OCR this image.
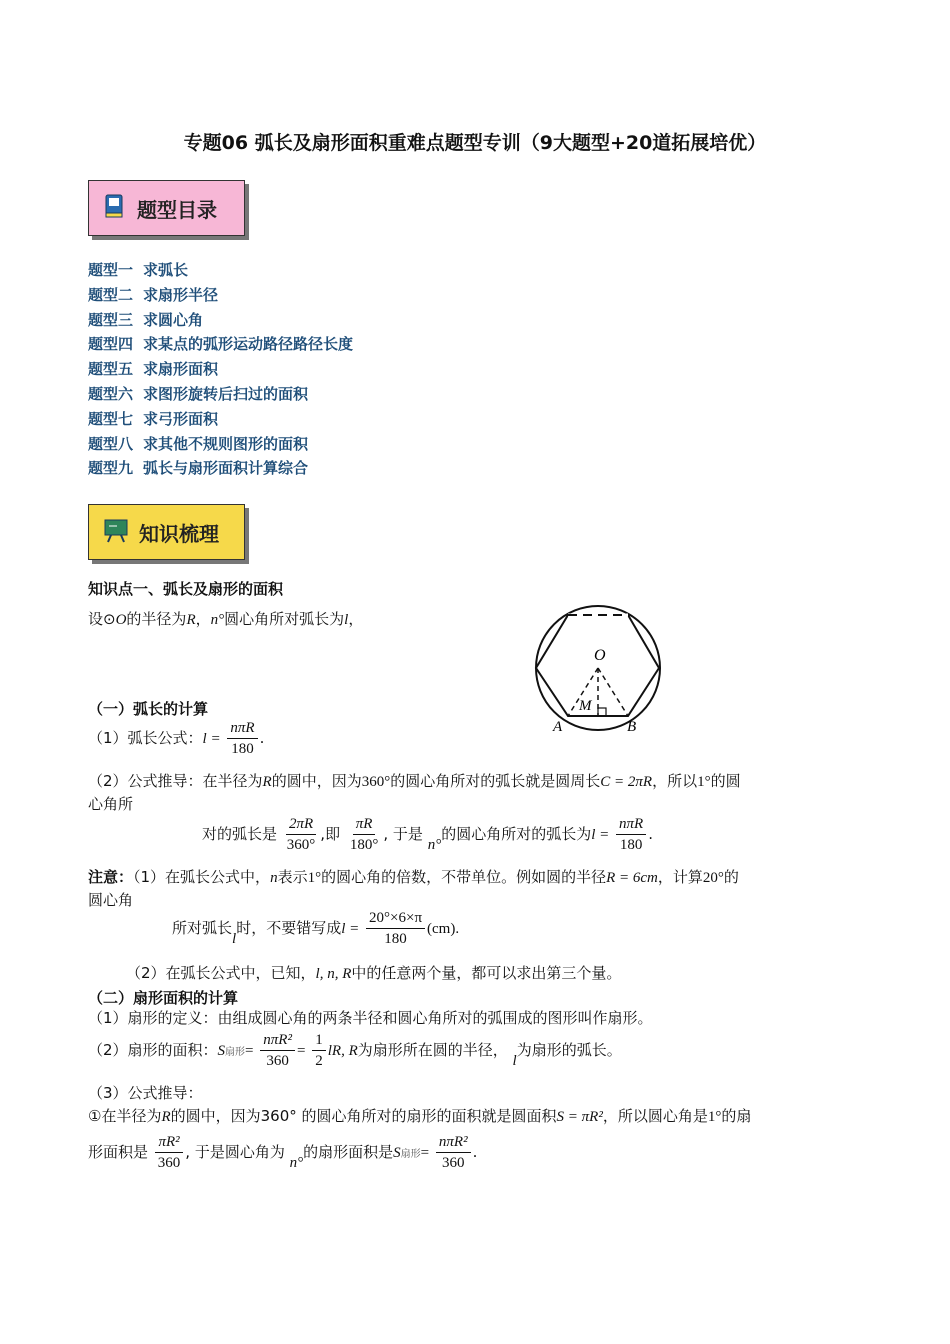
专题06 弧长及扇形面积重难点题型专训（9大题型+20道拓展培优）
题型目录
题型一 求弧长
题型二 求扇形半径
题型三 求圆心角
题型四 求某点的弧形运动路径路径长度
题型五 求扇形面积
题型六 求图形旋转后扫过的面积
题型七 求弓形面积
题型八 求其他不规则图形的面积
题型九 弧长与扇形面积计算综合
知识梳理
知识点一、弧长及扇形的面积
设⊙O的半径为R，n°圆心角所对弧长为l，
O
M
A	B
（一）弧长的计算
（1）弧长公式：$l = \frac{\text{nπR}}{180}$ .
（2）公式推导：在半径为R的圆中，因为360°的圆心角所对的弧长就是圆周长C = 2πR，所以1°的圆
心角所
对的弧长是 $\frac{2\pi R}{360^\circ}$ ,即 $\frac{\pi R}{180^\circ}$ , 于是 n°的圆心角所对的弧长为$l = \frac{\text{nπR}}{180}$ .
注意：（1）在弧长公式中，n表示1°的圆心角的倍数，不带单位。例如圆的半径R = 6cm，计算20°的
圆心角
所对弧长l时，不要错写成$l = \frac{20^\circ\times 6\times\pi}{180} (cm)$.
（2）在弧长公式中，已知，l, n, R中的任意两个量，都可以求出第三个量。
（二）扇形面积的计算
（1）扇形的定义：由组成圆心角的两条半径和圆心角所对的弧围成的图形叫作扇形。
（2）扇形的面积：S扇形= $\frac{\text{nπR²}}{360} = \frac{1}{2}$ lR, R为扇形所在圆的半径， l为扇形的弧长。
（3）公式推导：
①在半径为R的圆中，因为360° 的圆心角所对的扇形的面积就是圆面积S = πR²，所以圆心角是1°的扇
形面积是 $\frac{\text{πR²}}{360}$ , 于是圆心角为 n°的扇形面积是S扇形= $\frac{\text{nπR²}}{360}$ .
